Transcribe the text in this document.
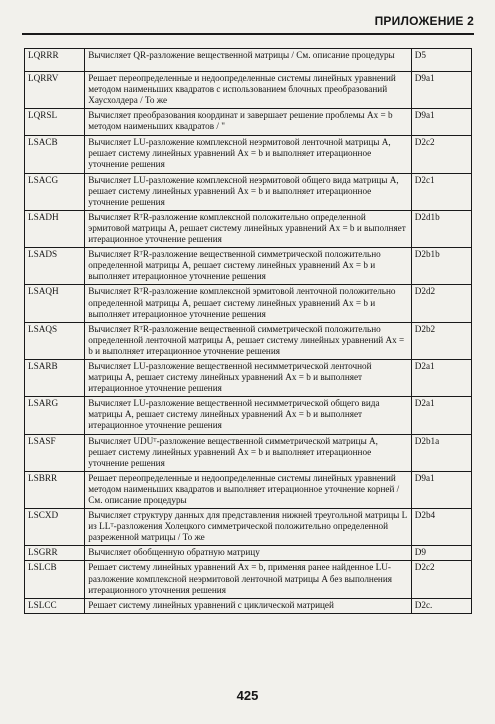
ПРИЛОЖЕНИЕ 2
LQRRR	Вычисляет QR-разложение вещественной матрицы / См. описание процедуры	D5
LQRRV	Решает переопределенные и недоопределенные системы линейных уравнений методом наименьших квадратов с использованием блочных преобразований Хаусхолдера / То же	D9a1
LQRSL	Вычисляет преобразования координат и завершает решение проблемы Ax = b методом наименьших квадратов / "	D9a1
LSACB	Вычисляет LU-разложение комплексной неэрмитовой ленточной матрицы A, решает систему линейных уравнений Ax = b и выполняет итерационное уточнение решения	D2c2
LSACG	Вычисляет LU-разложение комплексной неэрмитовой общего вида матрицы A, решает систему линейных уравнений Ax = b и выполняет итерационное уточнение решения	D2c1
LSADH	Вычисляет RᵀR-разложение комплексной положительно определенной эрмитовой матрицы A, решает систему линейных уравнений Ax = b и выполняет итерационное уточнение решения	D2d1b
LSADS	Вычисляет RᵀR-разложение вещественной симметрической положительно определенной матрицы A, решает систему линейных уравнений Ax = b и выполняет итерационное уточнение решения	D2b1b
LSAQH	Вычисляет RᵀR-разложение комплексной эрмитовой ленточной положительно определенной матрицы A, решает систему линейных уравнений Ax = b и выполняет итерационное уточнение решения	D2d2
LSAQS	Вычисляет RᵀR-разложение вещественной симметрической положительно определенной ленточной матрицы A, решает систему линейных уравнений Ax = b и выполняет итерационное уточнение решения	D2b2
LSARB	Вычисляет LU-разложение вещественной несимметрической ленточной матрицы A, решает систему линейных уравнений Ax = b и выполняет итерационное уточнение решения	D2a1
LSARG	Вычисляет LU-разложение вещественной несимметрической общего вида матрицы A, решает систему линейных уравнений Ax = b и выполняет итерационное уточнение решения	D2a1
LSASF	Вычисляет UDUᵀ-разложение вещественной симметрической матрицы A, решает систему линейных уравнений Ax = b и выполняет итерационное уточнение решения	D2b1a
LSBRR	Решает переопределенные и недоопределенные системы линейных уравнений методом наименьших квадратов и выполняет итерационное уточнение корней / См. описание процедуры	D9a1
LSCXD	Вычисляет структуру данных для представления нижней треугольной матрицы L из LLᵀ-разложения Холецкого симметрической положительно определенной разреженной матрицы / То же	D2b4
LSGRR	Вычисляет обобщенную обратную матрицу	D9
LSLCB	Решает систему линейных уравнений Ax = b, применяя ранее найденное LU-разложение комплексной неэрмитовой ленточной матрицы A без выполнения итерационного уточнения решения	D2c2
LSLCC	Решает систему линейных уравнений с циклической матрицей	D2c.
425
